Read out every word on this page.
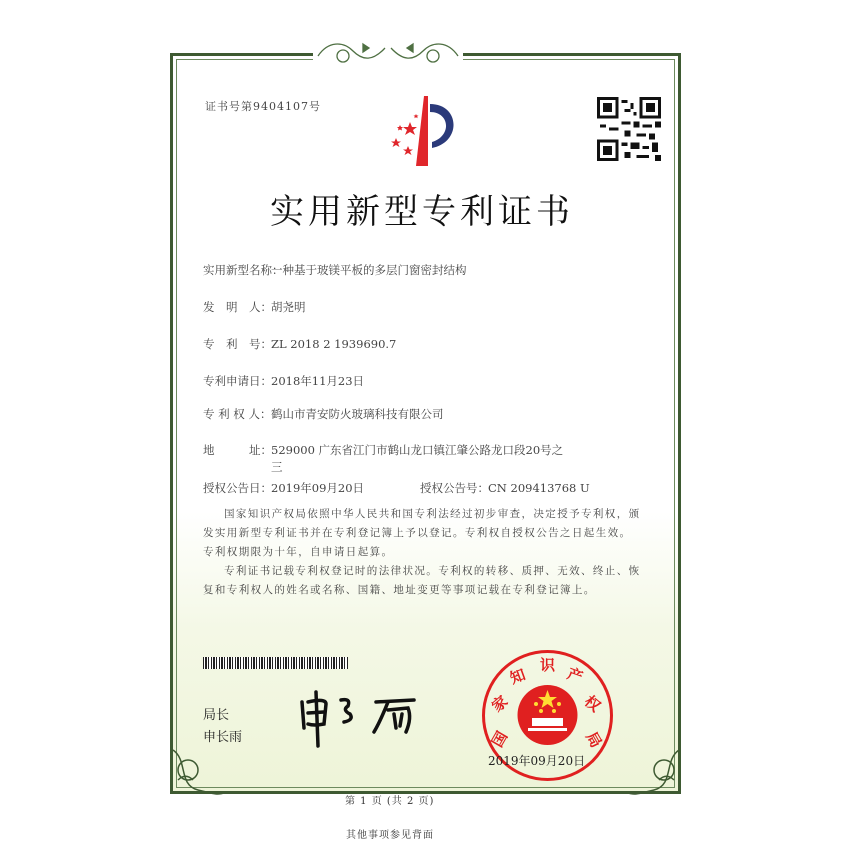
证书号第9404107号
实用新型专利证书
实用新型名称：一种基于玻镁平板的多层门窗密封结构
发　明　人：胡尧明
专　利　号：ZL 2018 2 1939690.7
专利申请日：2018年11月23日
专 利 权 人：鹤山市青安防火玻璃科技有限公司
地　　　址：529000 广东省江门市鹤山龙口镇江肇公路龙口段20号之
三
授权公告日：2019年09月20日	授权公告号：CN 209413768 U

国家知识产权局依照中华人民共和国专利法经过初步审查，决定授予专利权，颁发实用新型专利证书并在专利登记簿上予以登记。专利权自授权公告之日起生效。专利权期限为十年，自申请日起算。

专利证书记载专利权登记时的法律状况。专利权的转移、质押、无效、终止、恢复和专利权人的姓名或名称、国籍、地址变更等事项记载在专利登记簿上。

局长
申长雨	国
家
知
识 产
权
局
2019年09月20日
第 1 页 (共 2 页)
其他事项参见背面
